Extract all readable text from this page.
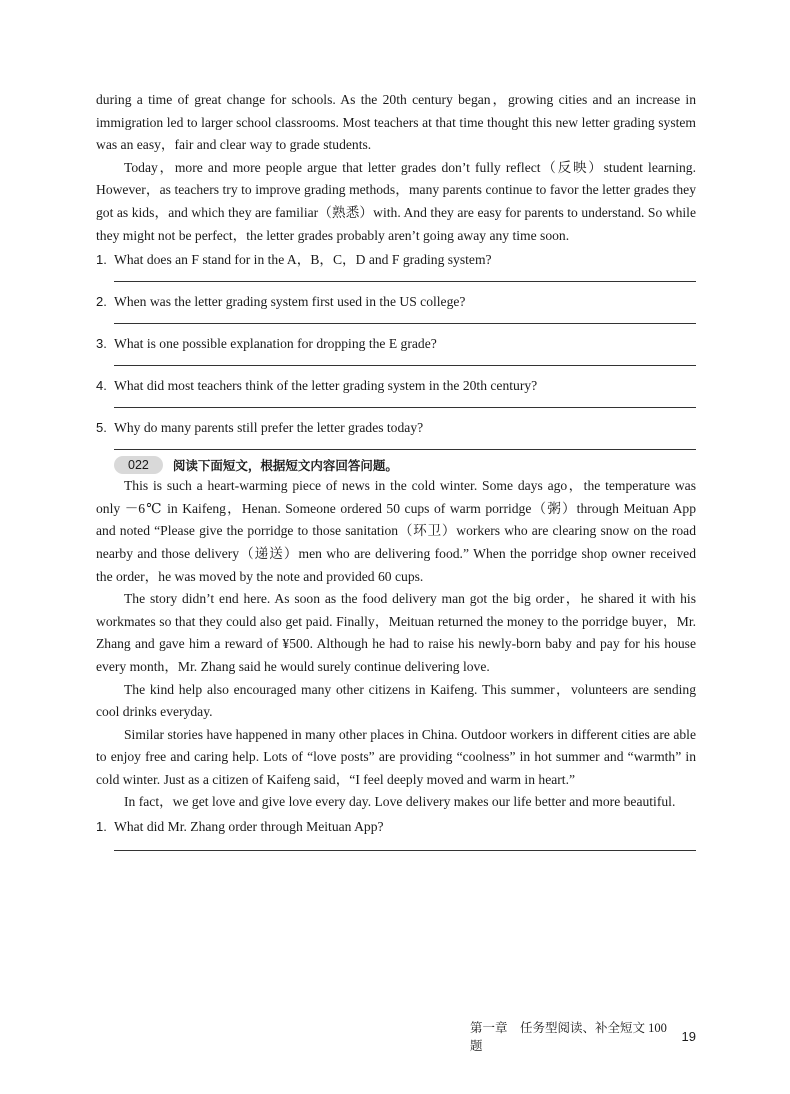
during a time of great change for schools. As the 20th century began，growing cities and an increase in immigration led to larger school classrooms. Most teachers at that time thought this new letter grading system was an easy，fair and clear way to grade students.

Today，more and more people argue that letter grades don’t fully reflect（反映）student learning. However，as teachers try to improve grading methods，many parents continue to favor the letter grades they got as kids，and which they are familiar（熟悉）with. And they are easy for parents to understand. So while they might not be perfect，the letter grades probably aren’t going away any time soon.

1. What does an F stand for in the A，B，C，D and F grading system?

2. When was the letter grading system first used in the US college?

3. What is one possible explanation for dropping the E grade?

4. What did most teachers think of the letter grading system in the 20th century?

5. Why do many parents still prefer the letter grades today?

022	阅读下面短文，根据短文内容回答问题。

This is such a heart-warming piece of news in the cold winter. Some days ago，the temperature was only －6℃ in Kaifeng，Henan. Someone ordered 50 cups of warm porridge（粥）through Meituan App and noted “Please give the porridge to those sanitation（环卫）workers who are clearing snow on the road nearby and those delivery（递送）men who are delivering food.” When the porridge shop owner received the order，he was moved by the note and provided 60 cups.

The story didn’t end here. As soon as the food delivery man got the big order，he shared it with his workmates so that they could also get paid. Finally，Meituan returned the money to the porridge buyer，Mr. Zhang and gave him a reward of ¥500. Although he had to raise his newly-born baby and pay for his house every month，Mr. Zhang said he would surely continue delivering love.

The kind help also encouraged many other citizens in Kaifeng. This summer，volunteers are sending cool drinks everyday.

Similar stories have happened in many other places in China. Outdoor workers in different cities are able to enjoy free and caring help. Lots of “love posts” are providing “coolness” in hot summer and “warmth” in cold winter. Just as a citizen of Kaifeng said，“I feel deeply moved and warm in heart.”

In fact，we get love and give love every day. Love delivery makes our life better and more beautiful.

1. What did Mr. Zhang order through Meituan App?

第一章　任务型阅读、补全短文 100 题
19
